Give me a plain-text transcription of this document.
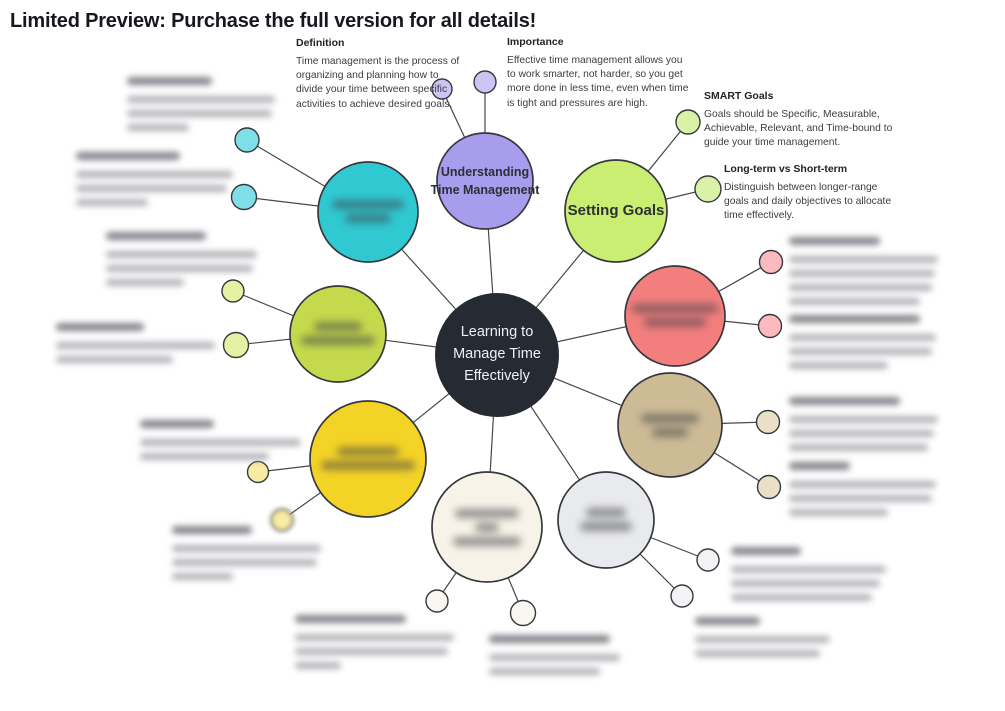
Limited Preview: Purchase the full version for all details!
Understanding Time Management
Setting Goals
Learning to Manage Time Effectively

Definition

Time management is the process of organizing and planning how to divide your time between specific activities to achieve desired goals.

Importance

Effective time management allows you to work smarter, not harder, so you get more done in less time, even when time is tight and pressures are high.

SMART Goals

Goals should be Specific, Measurable, Achievable, Relevant, and Time-bound to guide your time management.

Long-term vs Short-term

Distinguish between longer-range goals and daily objectives to allocate time effectively.
